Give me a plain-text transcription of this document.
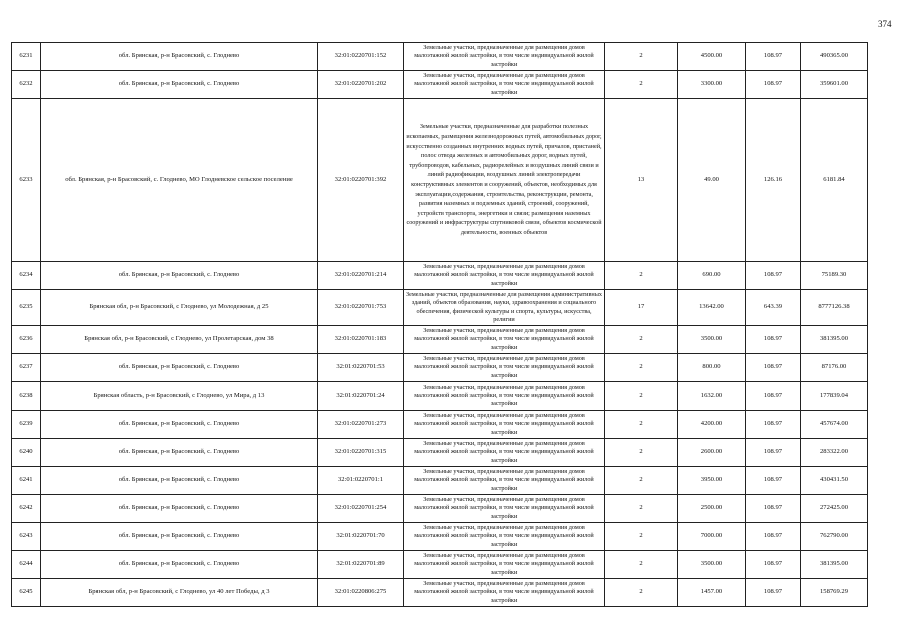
374
6231	обл. Брянская, р-н Брасовский, с. Глоднево	32:01:0220701:152	Земельные участки, предназначенные для размещения домов малоэтажной жилой застройки, в том числе индивидуальной жилой застройки	2	4500.00	108.97	490365.00
6232	обл. Брянская, р-н Брасовский, с. Глоднево	32:01:0220701:202	Земельные участки, предназначенные для размещения домов малоэтажной жилой застройки, в том числе индивидуальной жилой застройки	2	3300.00	108.97	359601.00
6233	обл. Брянская, р-н Брасовский, с. Глоднево, МО Глодневское сельское поселение	32:01:0220701:392	Земельные участки, предназначенные для разработки полезных ископаемых, размещения железнодорожных путей, автомобильных дорог, искусственно созданных внутренних водных путей, причалов, пристаней, полос отвода железных и автомобильных дорог, водных путей, трубопроводов, кабельных, радиорелейных и воздушных линий связи и линий радиофикации, воздушных линий электропередачи конструктивных элементов и сооружений, объектов, необходимых для эксплуатации,содержания, строительства, реконструкции, ремонта, развития наземных и подземных зданий, строений, сооружений, устройств транспорта, энергетики и связи; размещения наземных сооружений и инфраструктуры спутниковой связи, объектов космической деятельности, военных объектов	13	49.00	126.16	6181.84
6234	обл. Брянская, р-н Брасовский, с. Глоднево	32:01:0220701:214	Земельные участки, предназначенные для размещения домов малоэтажной жилой застройки, в том числе индивидуальной жилой застройки	2	690.00	108.97	75189.30
6235	Брянская обл, р-н Брасовский, с Глоднево, ул Молодежная, д 25	32:01:0220701:753	Земельные участки, предназначенные для размещения административных зданий, объектов образования, науки, здравоохранения и социального обеспечения, физической культуры и спорта, культуры, искусства, религии	17	13642.00	643.39	8777126.38
6236	Брянская обл, р-н Брасовский, с Глоднево, ул Пролетарская, дом 38	32:01:0220701:183	Земельные участки, предназначенные для размещения домов малоэтажной жилой застройки, в том числе индивидуальной жилой застройки	2	3500.00	108.97	381395.00
6237	обл. Брянская, р-н Брасовский, с. Глоднево	32:01:0220701:53	Земельные участки, предназначенные для размещения домов малоэтажной жилой застройки, в том числе индивидуальной жилой застройки	2	800.00	108.97	87176.00
6238	Брянская область, р-н Брасовский, с Глоднево, ул Мира, д 13	32:01:0220701:24	Земельные участки, предназначенные для размещения домов малоэтажной жилой застройки, в том числе индивидуальной жилой застройки	2	1632.00	108.97	177839.04
6239	обл. Брянская, р-н Брасовский, с. Глоднево	32:01:0220701:273	Земельные участки, предназначенные для размещения домов малоэтажной жилой застройки, в том числе индивидуальной жилой застройки	2	4200.00	108.97	457674.00
6240	обл. Брянская, р-н Брасовский, с. Глоднево	32:01:0220701:315	Земельные участки, предназначенные для размещения домов малоэтажной жилой застройки, в том числе индивидуальной жилой застройки	2	2600.00	108.97	283322.00
6241	обл. Брянская, р-н Брасовский, с. Глоднево	32:01:0220701:1	Земельные участки, предназначенные для размещения домов малоэтажной жилой застройки, в том числе индивидуальной жилой застройки	2	3950.00	108.97	430431.50
6242	обл. Брянская, р-н Брасовский, с. Глоднево	32:01:0220701:254	Земельные участки, предназначенные для размещения домов малоэтажной жилой застройки, в том числе индивидуальной жилой застройки	2	2500.00	108.97	272425.00
6243	обл. Брянская, р-н Брасовский, с. Глоднево	32:01:0220701:70	Земельные участки, предназначенные для размещения домов малоэтажной жилой застройки, в том числе индивидуальной жилой застройки	2	7000.00	108.97	762790.00
6244	обл. Брянская, р-н Брасовский, с. Глоднево	32:01:0220701:89	Земельные участки, предназначенные для размещения домов малоэтажной жилой застройки, в том числе индивидуальной жилой застройки	2	3500.00	108.97	381395.00
6245	Брянская обл, р-н Брасовский, с Глоднево, ул 40 лет Победы, д 3	32:01:0220806:275	Земельные участки, предназначенные для размещения домов малоэтажной жилой застройки, в том числе индивидуальной жилой застройки	2	1457.00	108.97	158769.29
